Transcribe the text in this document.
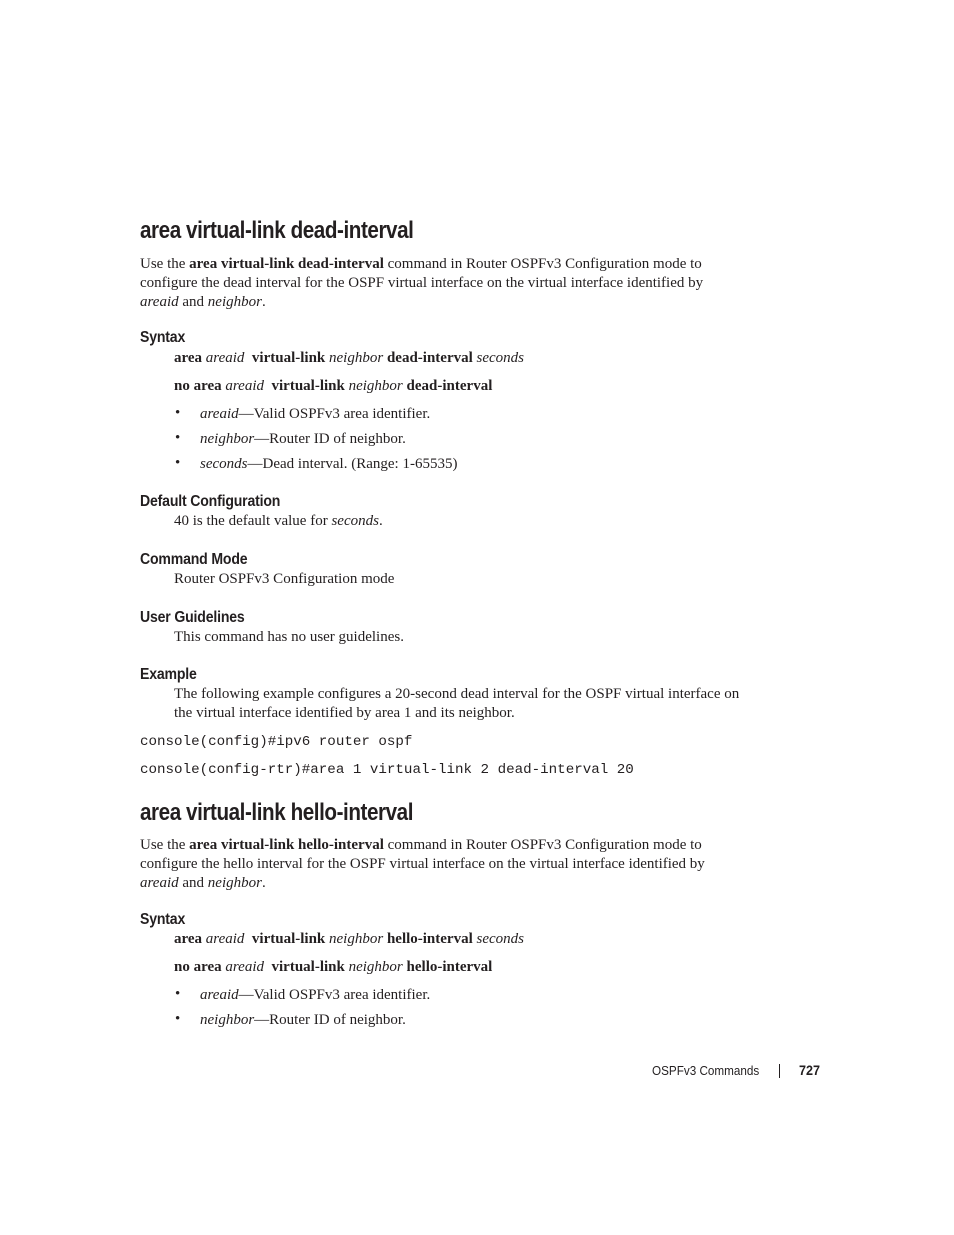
area virtual-link dead-interval
Use the area virtual-link dead-interval command in Router OSPFv3 Configuration mode to
configure the dead interval for the OSPF virtual interface on the virtual interface identified by
areaid and neighbor.
Syntax
area areaid virtual-link neighbor dead-interval seconds
no area areaid virtual-link neighbor dead-interval
• areaid—Valid OSPFv3 area identifier.
• neighbor—Router ID of neighbor.
• seconds—Dead interval. (Range: 1-65535)
Default Configuration
40 is the default value for seconds.
Command Mode
Router OSPFv3 Configuration mode
User Guidelines
This command has no user guidelines.
Example
The following example configures a 20-second dead interval for the OSPF virtual interface on
the virtual interface identified by area 1 and its neighbor.
console(config)#ipv6 router ospf
console(config-rtr)#area 1 virtual-link 2 dead-interval 20
area virtual-link hello-interval
Use the area virtual-link hello-interval command in Router OSPFv3 Configuration mode to
configure the hello interval for the OSPF virtual interface on the virtual interface identified by
areaid and neighbor.
Syntax
area areaid virtual-link neighbor hello-interval seconds
no area areaid virtual-link neighbor hello-interval
• areaid—Valid OSPFv3 area identifier.
• neighbor—Router ID of neighbor.
OSPFv3 Commands	727
